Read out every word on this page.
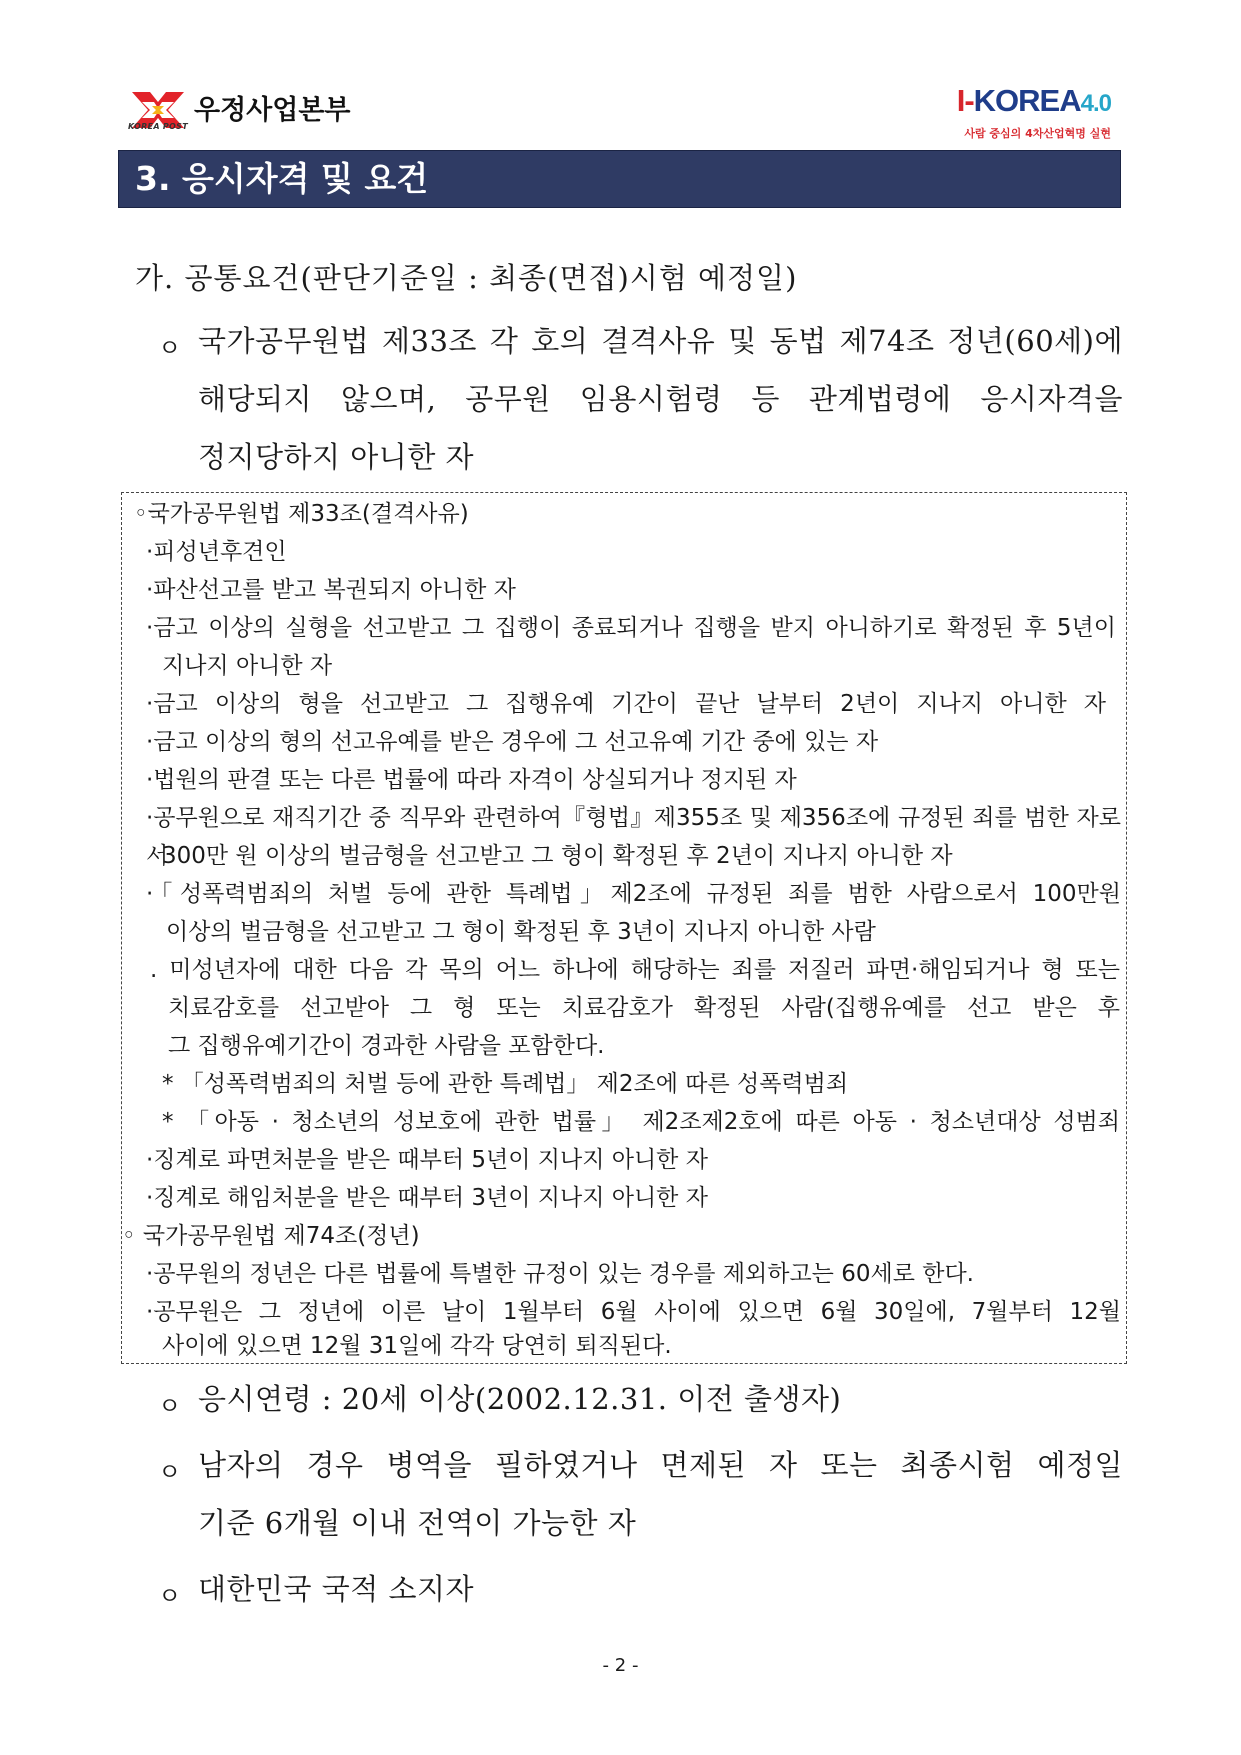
KOREA POST
우정사업본부	I-KOREA4.0
사람 중심의 4차산업혁명 실현
3. 응시자격 및 요건
가. 공통요건(판단기준일 : 최종(면접)시험 예정일)
ㅇ 국가공무원법 제33조 각 호의 결격사유 및 동법 제74조 정년(60세)에
해당되지 않으며, 공무원 임용시험령 등 관계법령에 응시자격을
정지당하지 아니한 자
◦국가공무원법 제33조(결격사유)
·피성년후견인
·파산선고를 받고 복권되지 아니한 자
·금고 이상의 실형을 선고받고 그 집행이 종료되거나 집행을 받지 아니하기로 확정된 후 5년이
지나지 아니한 자
·금고 이상의 형을 선고받고 그 집행유예 기간이 끝난 날부터 2년이 지나지 아니한 자
·금고 이상의 형의 선고유예를 받은 경우에 그 선고유예 기간 중에 있는 자
·법원의 판결 또는 다른 법률에 따라 자격이 상실되거나 정지된 자
·공무원으로 재직기간 중 직무와 관련하여『형법』제355조 및 제356조에 규정된 죄를 범한 자로서
300만 원 이상의 벌금형을 선고받고 그 형이 확정된 후 2년이 지나지 아니한 자
·「성폭력범죄의 처벌 등에 관한 특례법」제2조에 규정된 죄를 범한 사람으로서 100만원
이상의 벌금형을 선고받고 그 형이 확정된 후 3년이 지나지 아니한 사람
. 미성년자에 대한 다음 각 목의 어느 하나에 해당하는 죄를 저질러 파면·해임되거나 형 또는
치료감호를 선고받아 그 형 또는 치료감호가 확정된 사람(집행유예를 선고 받은 후
그 집행유예기간이 경과한 사람을 포함한다.
* 「성폭력범죄의 처벌 등에 관한 특례법」 제2조에 따른 성폭력범죄
* 「아동 · 청소년의 성보호에 관한 법률」 제2조제2호에 따른 아동 · 청소년대상 성범죄
·징계로 파면처분을 받은 때부터 5년이 지나지 아니한 자
·징계로 해임처분을 받은 때부터 3년이 지나지 아니한 자
◦ 국가공무원법 제74조(정년)
·공무원의 정년은 다른 법률에 특별한 규정이 있는 경우를 제외하고는 60세로 한다.
·공무원은 그 정년에 이른 날이 1월부터 6월 사이에 있으면 6월 30일에, 7월부터 12월
사이에 있으면 12월 31일에 각각 당연히 퇴직된다.
ㅇ 응시연령 : 20세 이상(2002.12.31. 이전 출생자)
ㅇ 남자의 경우 병역을 필하였거나 면제된 자 또는 최종시험 예정일
기준 6개월 이내 전역이 가능한 자
ㅇ 대한민국 국적 소지자
- 2 -
